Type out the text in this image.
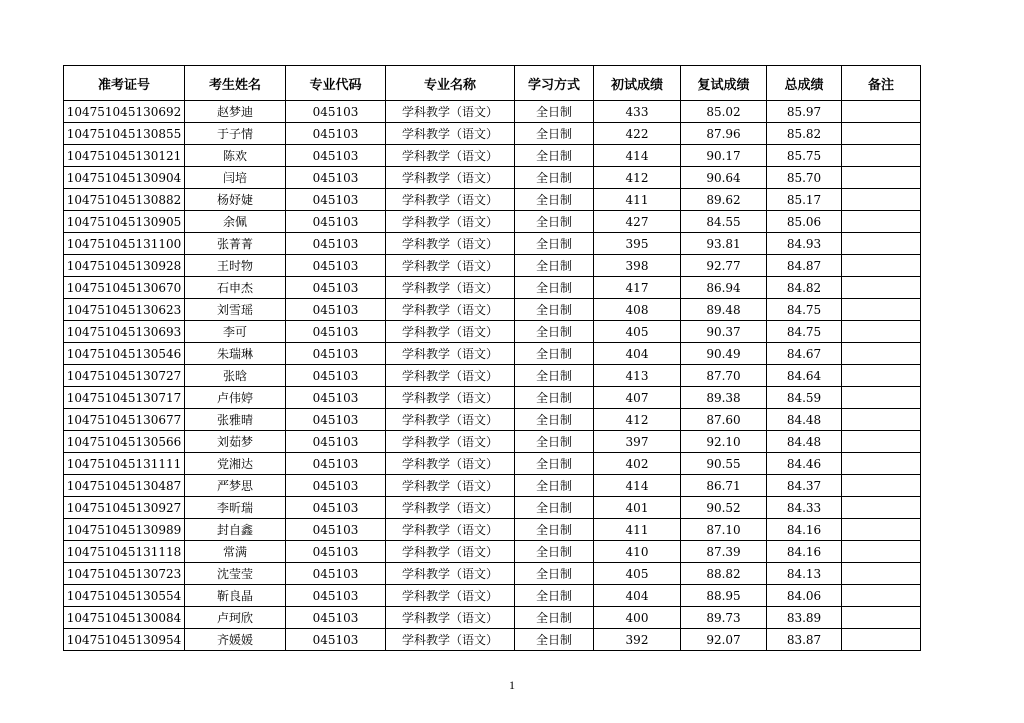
准考证号	考生姓名	专业代码	专业名称	学习方式	初试成绩	复试成绩	总成绩	备注
104751045130692	赵梦迪	045103	学科教学（语文）	全日制	433	85.02	85.97	
104751045130855	于子情	045103	学科教学（语文）	全日制	422	87.96	85.82	
104751045130121	陈欢	045103	学科教学（语文）	全日制	414	90.17	85.75	
104751045130904	闫培	045103	学科教学（语文）	全日制	412	90.64	85.70	
104751045130882	杨妤婕	045103	学科教学（语文）	全日制	411	89.62	85.17	
104751045130905	余佩	045103	学科教学（语文）	全日制	427	84.55	85.06	
104751045131100	张菁菁	045103	学科教学（语文）	全日制	395	93.81	84.93	
104751045130928	王时物	045103	学科教学（语文）	全日制	398	92.77	84.87	
104751045130670	石申杰	045103	学科教学（语文）	全日制	417	86.94	84.82	
104751045130623	刘雪瑶	045103	学科教学（语文）	全日制	408	89.48	84.75	
104751045130693	李可	045103	学科教学（语文）	全日制	405	90.37	84.75	
104751045130546	朱瑞琳	045103	学科教学（语文）	全日制	404	90.49	84.67	
104751045130727	张晗	045103	学科教学（语文）	全日制	413	87.70	84.64	
104751045130717	卢伟婷	045103	学科教学（语文）	全日制	407	89.38	84.59	
104751045130677	张雅晴	045103	学科教学（语文）	全日制	412	87.60	84.48	
104751045130566	刘茹梦	045103	学科教学（语文）	全日制	397	92.10	84.48	
104751045131111	党湘达	045103	学科教学（语文）	全日制	402	90.55	84.46	
104751045130487	严梦思	045103	学科教学（语文）	全日制	414	86.71	84.37	
104751045130927	李昕瑞	045103	学科教学（语文）	全日制	401	90.52	84.33	
104751045130989	封自鑫	045103	学科教学（语文）	全日制	411	87.10	84.16	
104751045131118	常满	045103	学科教学（语文）	全日制	410	87.39	84.16	
104751045130723	沈莹莹	045103	学科教学（语文）	全日制	405	88.82	84.13	
104751045130554	靳良晶	045103	学科教学（语文）	全日制	404	88.95	84.06	
104751045130084	卢珂欣	045103	学科教学（语文）	全日制	400	89.73	83.89	
104751045130954	齐媛媛	045103	学科教学（语文）	全日制	392	92.07	83.87	
1
